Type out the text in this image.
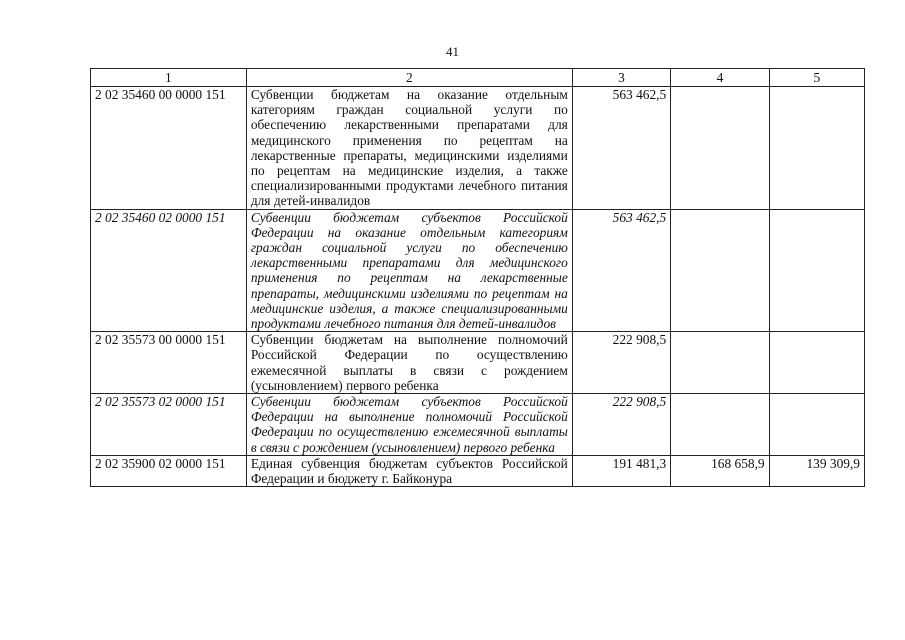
41
1	2	3	4	5
2 02 35460 00 0000 151	Субвенции бюджетам на оказание отдельным категориям граждан социальной услуги по обеспечению лекарственными препаратами для медицинского применения по рецептам на лекарственные препараты, медицинскими изделиями по рецептам на медицинские изделия, а также специализированными продуктами лечебного питания для детей-инвалидов	563 462,5		
2 02 35460 02 0000 151	Субвенции бюджетам субъектов Российской Федерации на оказание отдельным категориям граждан социальной услуги по обеспечению лекарственными препаратами для медицинского применения по рецептам на лекарственные препараты, медицинскими изделиями по рецептам на медицинские изделия, а также специализированными продуктами лечебного питания для детей-инвалидов	563 462,5		
2 02 35573 00 0000 151	Субвенции бюджетам на выполнение полномочий Российской Федерации по осуществлению ежемесячной выплаты в связи с рождением (усыновлением) первого ребенка	222 908,5		
2 02 35573 02 0000 151	Субвенции бюджетам субъектов Российской Федерации на выполнение полномочий Российской Федерации по осуществлению ежемесячной выплаты в связи с рождением (усыновлением) первого ребенка	222 908,5		
2 02 35900 02 0000 151	Единая субвенция бюджетам субъектов Российской Федерации и бюджету г. Байконура	191 481,3	168 658,9	139 309,9
